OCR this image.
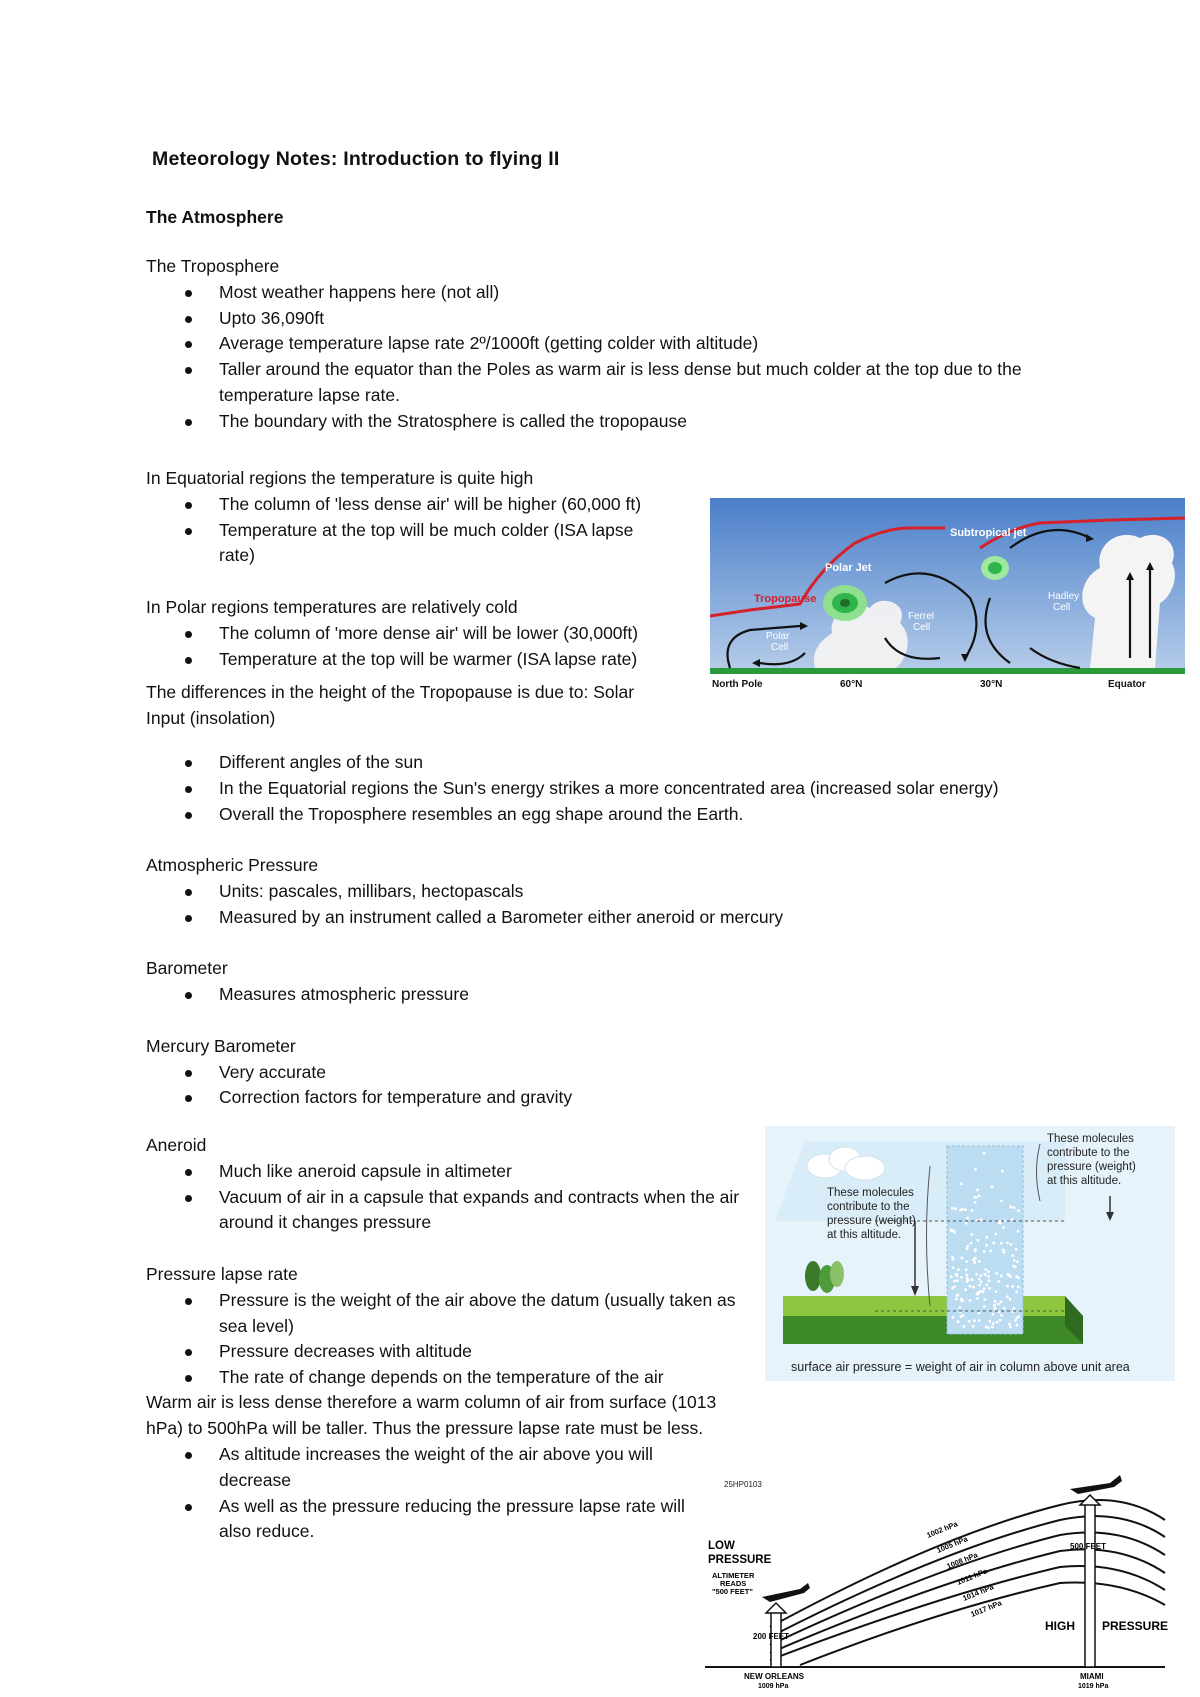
Meteorology Notes: Introduction to flying II
The Atmosphere

The Troposphere

Most weather happens here (not all)
Upto 36,090ft
Average temperature lapse rate 2º/1000ft (getting colder with altitude)
Taller around the equator than the Poles as warm air is less dense but much colder at the top due to the temperature lapse rate.
The boundary with the Stratosphere is called the tropopause

In Equatorial regions the temperature is quite high

The column of 'less dense air' will be higher (60,000 ft)
Temperature at the top will be much colder (ISA lapse rate)

In Polar regions temperatures are relatively cold

The column of 'more dense air' will be lower (30,000ft)
Temperature at the top will be warmer (ISA lapse rate)

The differences in the height of the Tropopause is due to: Solar Input (insolation)

Different angles of the sun
In the Equatorial regions the Sun's energy strikes a more concentrated area (increased solar energy)
Overall the Troposphere resembles an egg shape around the Earth.

Atmospheric Pressure

Units: pascales, millibars, hectopascals
Measured by an instrument called a Barometer either aneroid or mercury

Barometer

Measures atmospheric pressure

Mercury Barometer

Very accurate
Correction factors for temperature and gravity

Aneroid

Much like aneroid capsule in altimeter
Vacuum of air in a capsule that expands and contracts when the air around it changes pressure

Pressure lapse rate

Pressure is the weight of the air above the datum (usually taken as sea level)
Pressure decreases with altitude
The rate of change depends on the temperature of the air

Warm air is less dense therefore a warm column of air from surface (1013 hPa) to 500hPa will be taller. Thus the pressure lapse rate must be less.

As altitude increases the weight of the air above you will decrease
As well as the pressure reducing the pressure lapse rate will also reduce.
Subtropical jet
Polar Jet
Tropopause
Ferrel
Cell
Hadley
Cell
Polar
Cell
North Pole	60°N	30°N	Equator
These molecules
contribute to the
pressure (weight)
at this altitude.
These molecules
contribute to the
pressure (weight)
at this altitude.
surface air pressure = weight of air in column above unit area
25HP0103
1002 hPa
1005 hPa
1008 hPa
1011 hPa
1014 hPa
1017 hPa
LOW
PRESSURE
ALTIMETER
READS
"500 FEET"
200 FEET
500 FEET
HIGH PRESSURE
NEW ORLEANS
1009 hPa
MIAMI
1019 hPa
